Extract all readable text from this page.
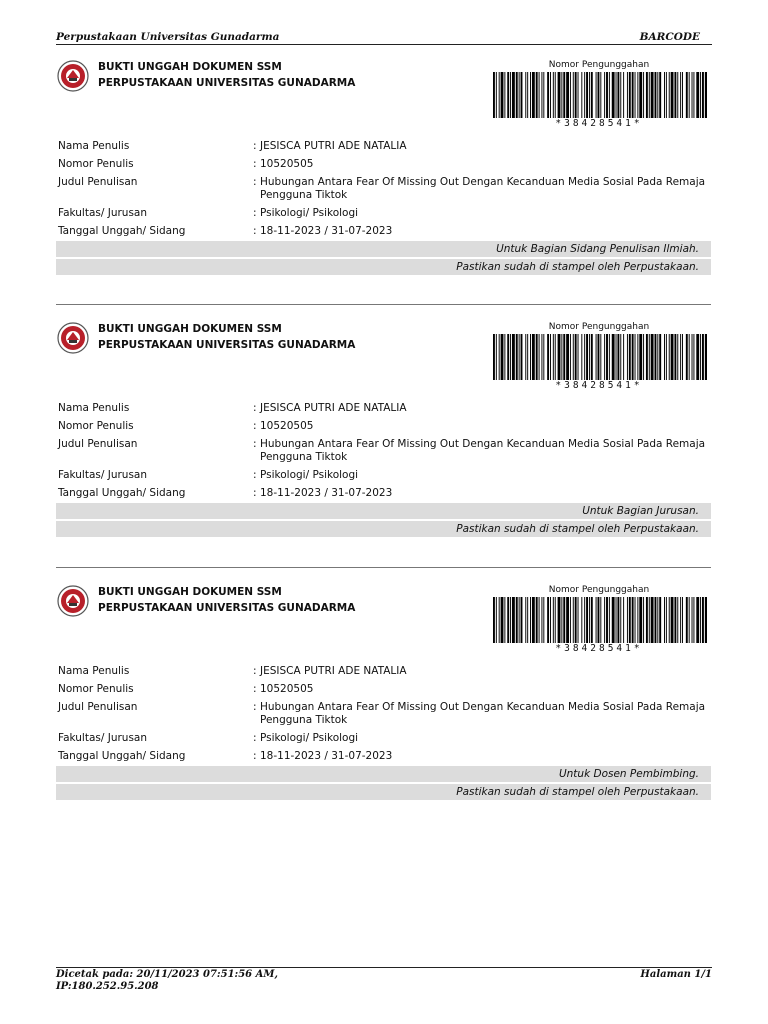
Perpustakaan Universitas Gunadarma	BARCODE
BUKTI UNGGAH DOKUMEN SSM
PERPUSTAKAAN UNIVERSITAS GUNADARMA
Nomor Pengunggahan
*38428541*
Nama Penulis	: JESISCA PUTRI ADE NATALIA
Nomor Penulis	: 10520505
Judul Penulisan	: Hubungan Antara Fear Of Missing Out Dengan Kecanduan Media Sosial Pada Remaja Pengguna Tiktok
Fakultas/ Jurusan	: Psikologi/ Psikologi
Tanggal Unggah/ Sidang	: 18-11-2023 / 31-07-2023
Untuk Bagian Sidang Penulisan Ilmiah.
Pastikan sudah di stampel oleh Perpustakaan.
BUKTI UNGGAH DOKUMEN SSM
PERPUSTAKAAN UNIVERSITAS GUNADARMA
Nomor Pengunggahan
*38428541*
Nama Penulis	: JESISCA PUTRI ADE NATALIA
Nomor Penulis	: 10520505
Judul Penulisan	: Hubungan Antara Fear Of Missing Out Dengan Kecanduan Media Sosial Pada Remaja Pengguna Tiktok
Fakultas/ Jurusan	: Psikologi/ Psikologi
Tanggal Unggah/ Sidang	: 18-11-2023 / 31-07-2023
Untuk Bagian Jurusan.
Pastikan sudah di stampel oleh Perpustakaan.
BUKTI UNGGAH DOKUMEN SSM
PERPUSTAKAAN UNIVERSITAS GUNADARMA
Nomor Pengunggahan
*38428541*
Nama Penulis	: JESISCA PUTRI ADE NATALIA
Nomor Penulis	: 10520505
Judul Penulisan	: Hubungan Antara Fear Of Missing Out Dengan Kecanduan Media Sosial Pada Remaja Pengguna Tiktok
Fakultas/ Jurusan	: Psikologi/ Psikologi
Tanggal Unggah/ Sidang	: 18-11-2023 / 31-07-2023
Untuk Dosen Pembimbing.
Pastikan sudah di stampel oleh Perpustakaan.
Dicetak pada: 20/11/2023 07:51:56 AM,
IP:180.252.95.208
Halaman 1/1
